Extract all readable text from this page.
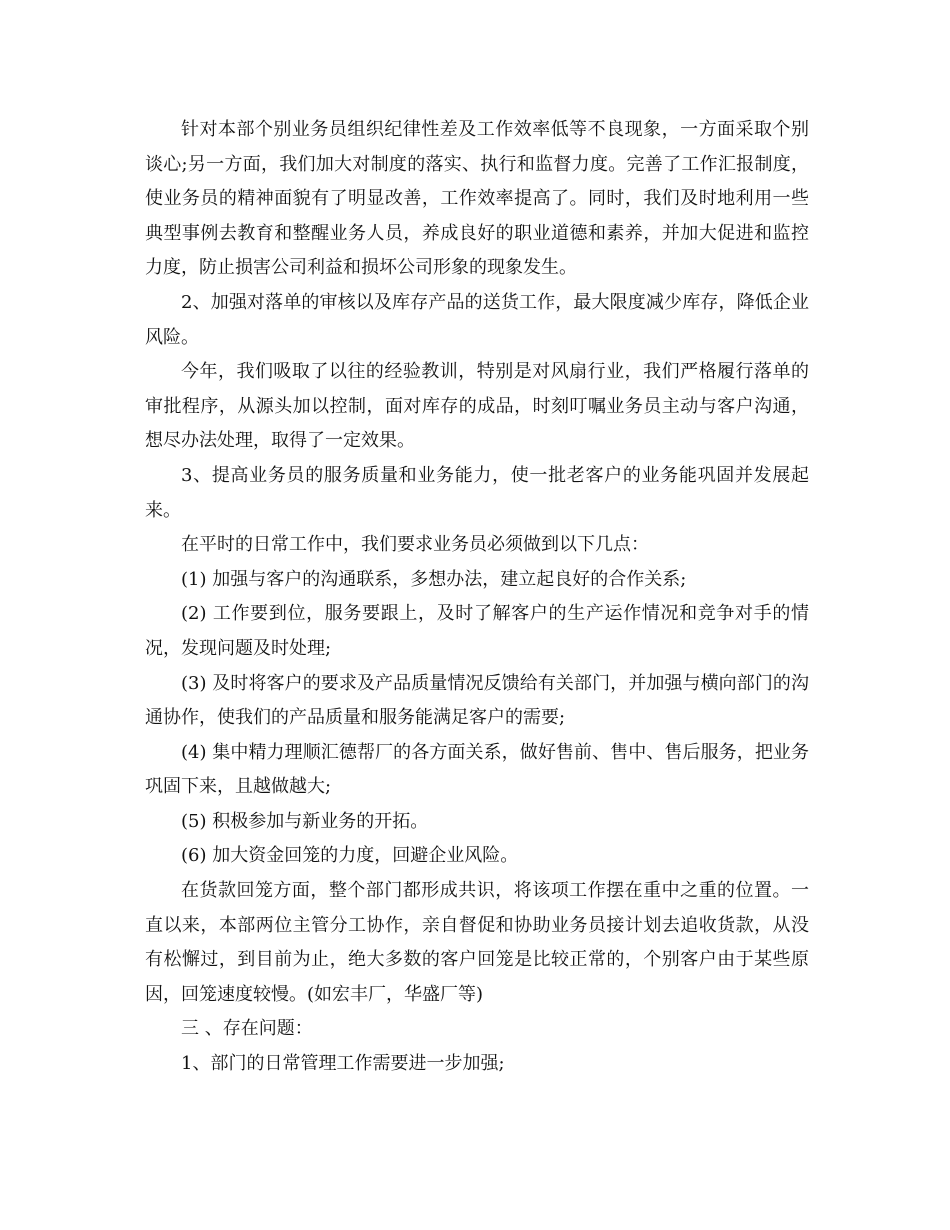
针对本部个别业务员组织纪律性差及工作效率低等不良现象，一方面采取个别谈心;另一方面，我们加大对制度的落实、执行和监督力度。完善了工作汇报制度，使业务员的精神面貌有了明显改善，工作效率提高了。同时，我们及时地利用一些典型事例去教育和整醒业务人员，养成良好的职业道德和素养，并加大促进和监控力度，防止损害公司利益和损坏公司形象的现象发生。

2、加强对落单的审核以及库存产品的送货工作，最大限度减少库存，降低企业风险。

今年，我们吸取了以往的经验教训，特别是对风扇行业，我们严格履行落单的审批程序，从源头加以控制，面对库存的成品，时刻叮嘱业务员主动与客户沟通，想尽办法处理，取得了一定效果。

3、提高业务员的服务质量和业务能力，使一批老客户的业务能巩固并发展起来。

在平时的日常工作中，我们要求业务员必须做到以下几点：

(1) 加强与客户的沟通联系，多想办法，建立起良好的合作关系;

(2) 工作要到位，服务要跟上，及时了解客户的生产运作情况和竞争对手的情况，发现问题及时处理;

(3) 及时将客户的要求及产品质量情况反馈给有关部门，并加强与横向部门的沟通协作，使我们的产品质量和服务能满足客户的需要;

(4) 集中精力理顺汇德帮厂的各方面关系，做好售前、售中、售后服务，把业务巩固下来，且越做越大;

(5) 积极参加与新业务的开拓。

(6) 加大资金回笼的力度，回避企业风险。

在货款回笼方面，整个部门都形成共识，将该项工作摆在重中之重的位置。一直以来，本部两位主管分工协作，亲自督促和协助业务员接计划去追收货款，从没有松懈过，到目前为止，绝大多数的客户回笼是比较正常的，个别客户由于某些原因，回笼速度较慢。(如宏丰厂，华盛厂等)

三 、存在问题：

1、部门的日常管理工作需要进一步加强;
